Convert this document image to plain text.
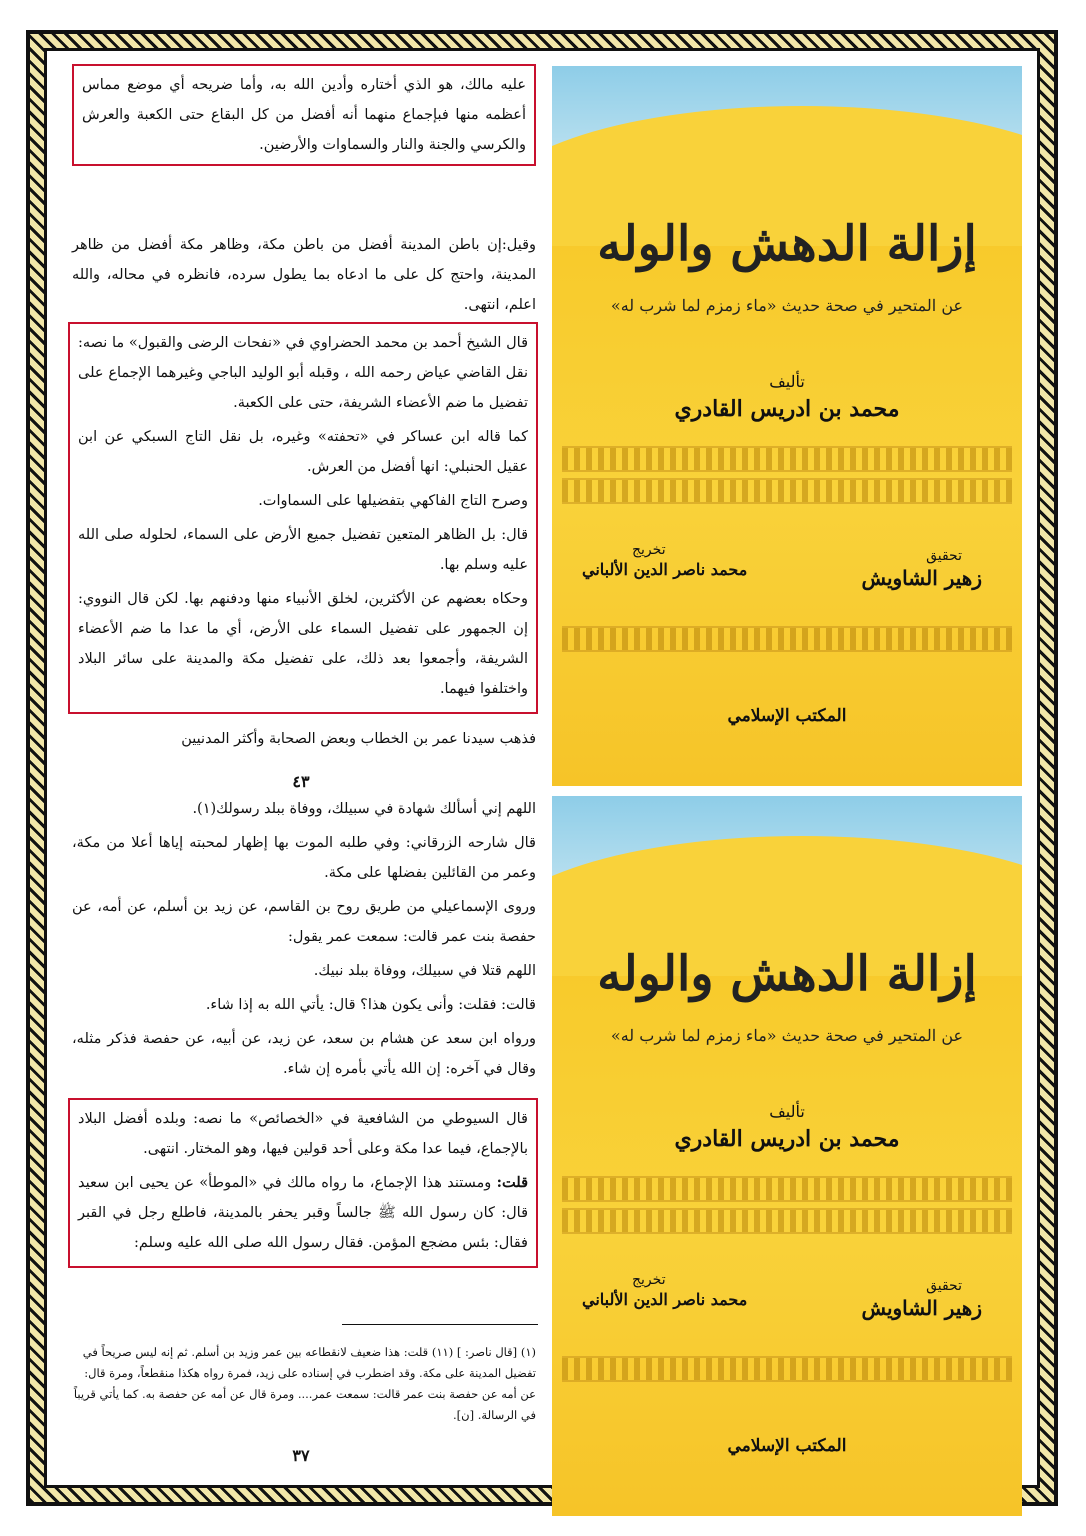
عليه مالك، هو الذي أختاره وأدين الله به، وأما ضريحه أي موضع مماس أعظمه منها فبإجماع منهما أنه أفضل من كل البقاع حتى الكعبة والعرش والكرسي والجنة والنار والسماوات والأرضين.

وقيل:إن باطن المدينة أفضل من باطن مكة، وظاهر مكة أفضل من ظاهر المدينة، واحتج كل على ما ادعاه بما يطول سرده، فانظره في محاله، والله اعلم، انتهى.

قال الشيخ أحمد بن محمد الحضراوي في «نفحات الرضى والقبول» ما نصه: نقل القاضي عياض رحمه الله ، وقبله أبو الوليد الباجي وغيرهما الإجماع على تفضيل ما ضم الأعضاء الشريفة، حتى على الكعبة.

كما قاله ابن عساكر في «تحفته» وغيره، بل نقل التاج السبكي عن ابن عقيل الحنبلي: انها أفضل من العرش.

وصرح التاج الفاكهي بتفضيلها على السماوات.

قال: بل الظاهر المتعين تفضيل جميع الأرض على السماء، لحلوله صلى الله عليه وسلم بها.

وحكاه بعضهم عن الأكثرين، لخلق الأنبياء منها ودفنهم بها. لكن قال النووي: إن الجمهور على تفضيل السماء على الأرض، أي ما عدا ما ضم الأعضاء الشريفة، وأجمعوا بعد ذلك، على تفضيل مكة والمدينة على سائر البلاد واختلفوا فيهما.

فذهب سيدنا عمر بن الخطاب وبعض الصحابة وأكثر المدنيين

٤٣

اللهم إني أسألك شهادة في سبيلك، ووفاة ببلد رسولك(١).

قال شارحه الزرقاني: وفي طلبه الموت بها إظهار لمحبته إياها أعلا من مكة، وعمر من القائلين بفضلها على مكة.

وروى الإسماعيلي من طريق روح بن القاسم، عن زيد بن أسلم، عن أمه، عن حفصة بنت عمر قالت: سمعت عمر يقول:

اللهم قتلا في سبيلك، ووفاة ببلد نبيك.

قالت: فقلت: وأنى يكون هذا؟ قال: يأتي الله به إذا شاء.

ورواه ابن سعد عن هشام بن سعد، عن زيد، عن أبيه، عن حفصة فذكر مثله، وقال في آخره: إن الله يأتي بأمره إن شاء.

قال السيوطي من الشافعية في «الخصائص» ما نصه: وبلده أفضل البلاد بالإجماع، فيما عدا مكة وعلى أحد قولين فيها، وهو المختار. انتهى.

قلت: ومستند هذا الإجماع، ما رواه مالك في «الموطأ» عن يحيى ابن سعيد قال: كان رسول الله ﷺ جالساً وقبر يحفر بالمدينة، فاطلع رجل في القبر فقال: بئس مضجع المؤمن. فقال رسول الله صلى الله عليه وسلم:

(١) [قال ناصر: ] (١١) قلت: هذا ضعيف لانقطاعه بين عمر وزيد بن أسلم. ثم إنه ليس صريحاً في تفضيل المدينة على مكة. وقد اضطرب في إسناده على زيد، فمرة رواه هكذا منقطعاً، ومرة قال: عن أمه عن حفصة بنت عمر قالت: سمعت عمر.... ومرة قال عن أمه عن حفصة به. كما يأتي قريباً في الرسالة. [ن].

٣٧
إزالة الدهش والوله
عن المتحير في صحة حديث «ماء زمزم لما شرب له»
تأليف
محمد بن ادريس القادري
تحقيق
زهير الشاويش
تخريج
محمد ناصر الدين الألباني
المكتب الإسلامي
إزالة الدهش والوله
عن المتحير في صحة حديث «ماء زمزم لما شرب له»
تأليف
محمد بن ادريس القادري
تحقيق
زهير الشاويش
تخريج
محمد ناصر الدين الألباني
المكتب الإسلامي
